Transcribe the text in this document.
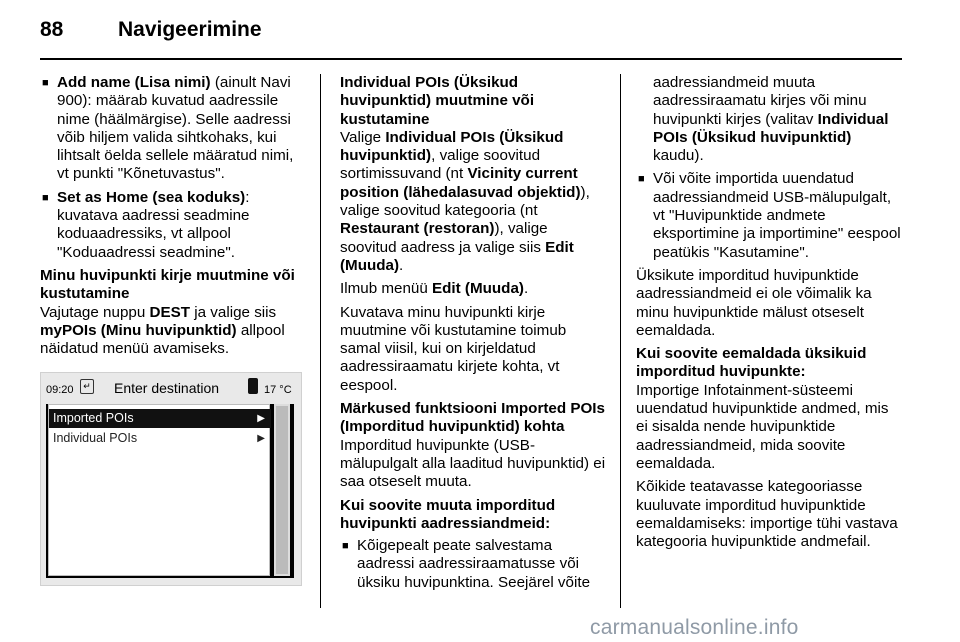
88	Navigeerimine
■ Add name (Lisa nimi) (ainult Navi 900): määrab kuvatud aadressile nime (häälmärgise). Selle aadressi võib hiljem valida sihtkohaks, kui lihtsalt öelda sellele määratud nimi, vt punkti "Kõnetuvastus".
■ Set as Home (sea koduks): kuvatava aadressi seadmine koduaadressiks, vt allpool "Koduaadressi seadmine".
Minu huvipunkti kirje muutmine või kustutamine

Vajutage nuppu DEST ja valige siis myPOIs (Minu huvipunktid) allpool näidatud menüü avamiseks.

09:20	↵ Enter destination	17 °C
Imported POIs	▶
Individual POIs	▶
Individual POIs (Üksikud huvipunktid) muutmine või kustutamine

Valige Individual POIs (Üksikud huvipunktid), valige soovitud sortimissuvand (nt Vicinity current position (lähedalasuvad objektid)), valige soovitud kategooria (nt Restaurant (restoran)), valige soovitud aadress ja valige siis Edit (Muuda).

Ilmub menüü Edit (Muuda).

Kuvatava minu huvipunkti kirje muutmine või kustutamine toimub samal viisil, kui on kirjeldatud aadressiraamatu kirjete kohta, vt eespool.

Märkused funktsiooni Imported POIs (Imporditud huvipunktid) kohta

Imporditud huvipunkte (USB-mälupulgalt alla laaditud huvipunktid) ei saa otseselt muuta.

Kui soovite muuta imporditud huvipunkti aadressiandmeid:
■ Kõigepealt peate salvestama aadressi aadressiraamatusse või üksiku huvipunktina. Seejärel võite

aadressiandmeid muuta aadressiraamatu kirjes või minu huvipunkti kirjes (valitav Individual POIs (Üksikud huvipunktid) kaudu).

■ Või võite importida uuendatud aadressiandmeid USB-mälupulgalt, vt "Huvipunktide andmete eksportimine ja importimine" eespool peatükis "Kasutamine".

Üksikute imporditud huvipunktide aadressiandmeid ei ole võimalik ka minu huvipunktide mälust otseselt eemaldada.

Kui soovite eemaldada üksikuid imporditud huvipunkte:

Importige Infotainment-süsteemi uuendatud huvipunktide andmed, mis ei sisalda nende huvipunktide aadressiandmeid, mida soovite eemaldada.

Kõikide teatavasse kategooriasse kuuluvate imporditud huvipunktide eemaldamiseks: importige tühi vastava kategooria huvipunktide andmefail.

carmanualsonline.info
